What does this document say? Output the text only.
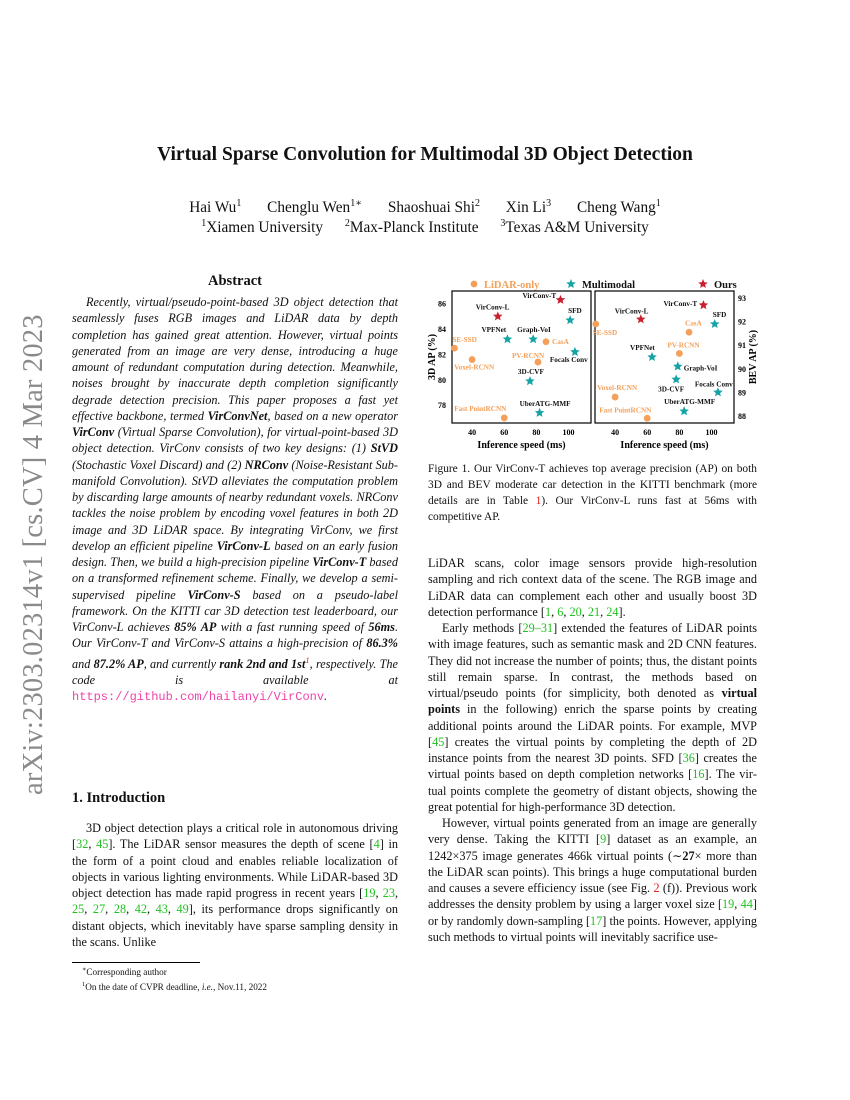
arXiv:2303.02314v1 [cs.CV] 4 Mar 2023
Virtual Sparse Convolution for Multimodal 3D Object Detection
Hai Wu$^1$ Chenglu Wen$^{1∗}$ Shaoshuai Shi$^2$ Xin Li$^3$ Cheng Wang$^1$
$^1$Xiamen University $^2$Max-Planck Institute $^3$Texas A&M University
Abstract

Recently, virtual/pseudo-point-based 3D object detection that seamlessly fuses RGB images and LiDAR data by depth completion has gained great attention. However, virtual points generated from an image are very dense, introducing a huge amount of redundant computation during detection. Meanwhile, noises brought by inaccurate depth completion significantly degrade detection precision. This paper proposes a fast yet effective backbone, termed VirConvNet, based on a new operator VirConv (Virtual Sparse Convolution), for virtual-point-based 3D object detection. VirConv consists of two key designs: (1) StVD (Stochastic Voxel Discard) and (2) NRConv (Noise-Resistant Submanifold Convolution). StVD alleviates the computation problem by discarding large amounts of nearby redundant voxels. NRConv tackles the noise problem by encoding voxel features in both 2D image and 3D LiDAR space. By integrating VirConv, we first develop an efficient pipeline VirConv-L based on an early fusion design. Then, we build a high-precision pipeline VirConv-T based on a transformed refinement scheme. Finally, we develop a semi-supervised pipeline VirConv-S based on a pseudo-label framework. On the KITTI car 3D detection test leaderboard, our VirConv-L achieves 85% AP with a fast running speed of 56ms. Our VirConv-T and VirConv-S attains a high-precision of 86.3% and 87.2% AP, and currently rank 2nd and $1st^1$, respectively. The code is available at https://github.com/hailanyi/VirConv.

1. Introduction

3D object detection plays a critical role in autonomous driving [32, 45]. The LiDAR sensor measures the depth of scene [4] in the form of a point cloud and enables reliable localization of objects in various lighting environments. While LiDAR-based 3D object detection has made rapid progress in recent years [19, 23, 25, 27, 28, 42, 43, 49], its performance drops significantly on distant objects, which inevitably have sparse sampling density in the scans. Unlike

∗Corresponding author
$^1$On the date of CVPR deadline, i.e., Nov.11, 2022
LiDAR-only	Multimodal	Ours
40	60	80	100
78
80
82
84
86
Inference speed (ms)
3D AP (%)
VirConv-T
VirConv-L	SFD
VPFNet Graph-VoI
CasA
SE-SSD
Focals Conv
Voxel-RCNN
PV-RCNN
3D-CVF
UberATG-MMF
Fast PointRCNN
40	60	80	100
88
89
90
91
92
93
Inference speed (ms)
BEV AP (%)
VirConv-T
VirConv-L	SFD
SE-SSD
CasA
PV-RCNN
VPFNet
Graph-VoI
3D-CVF
Focals Conv
Voxel-RCNN
UberATG-MMF
Fast PointRCNN
Figure 1. Our VirConv-T achieves top average precision (AP) on both 3D and BEV moderate car detection in the KITTI benchmark (more details are in Table 1). Our VirConv-L runs fast at 56ms with competitive AP.

LiDAR scans, color image sensors provide high-resolution sampling and rich context data of the scene. The RGB image and LiDAR data can complement each other and usually boost 3D detection performance [1, 6, 20, 21, 24].

Early methods [29–31] extended the features of LiDAR points with image features, such as semantic mask and 2D CNN features. They did not increase the number of points; thus, the distant points still remain sparse. In contrast, the methods based on virtual/pseudo points (for simplicity, both denoted as virtual points in the following) enrich the sparse points by creating additional points around the LiDAR points. For example, MVP [45] creates the virtual points by completing the depth of 2D instance points from the nearest 3D points. SFD [36] creates the virtual points based on depth completion networks [16]. The virtual points complete the geometry of distant objects, showing the great potential for high-performance 3D detection.

However, virtual points generated from an image are generally very dense. Taking the KITTI [9] dataset as an example, an 1242×375 image generates 466k virtual points (∼27× more than the LiDAR scan points). This brings a huge computational burden and causes a severe efficiency issue (see Fig. 2 (f)). Previous work addresses the density problem by using a larger voxel size [19, 44] or by randomly down-sampling [17] the points. However, applying such methods to virtual points will inevitably sacrifice use-
